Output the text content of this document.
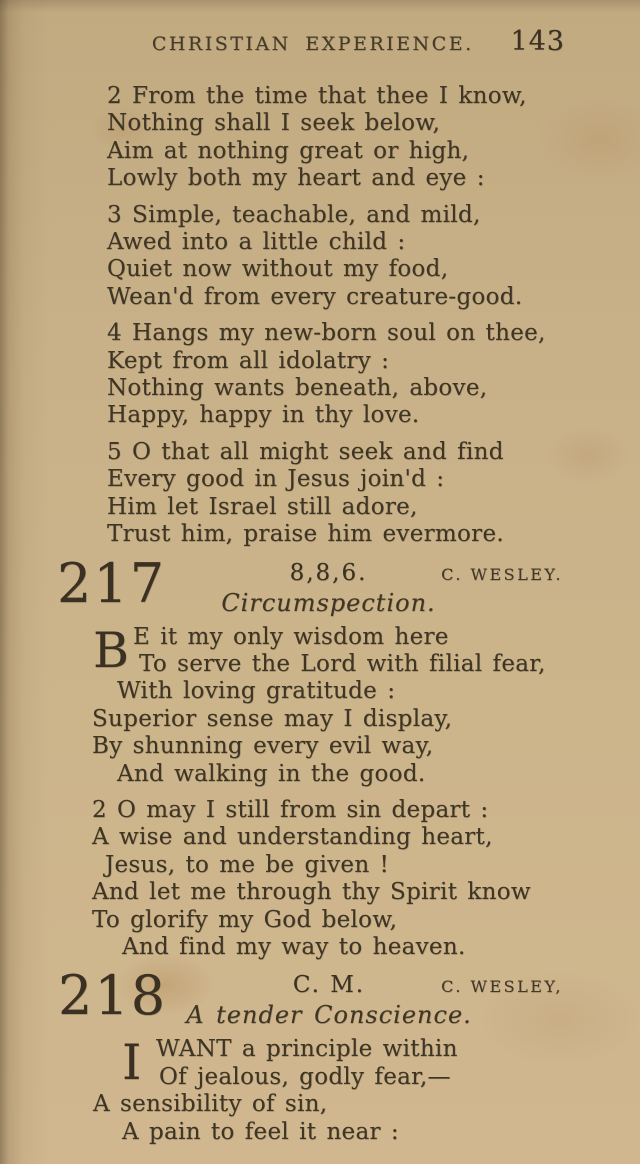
CHRISTIAN EXPERIENCE.	143
2 From the time that thee I know,
Nothing shall I seek below,
Aim at nothing great or high,
Lowly both my heart and eye :
3 Simple, teachable, and mild,
Awed into a little child :
Quiet now without my food,
Wean'd from every creature-good.
4 Hangs my new-born soul on thee,
Kept from all idolatry :
Nothing wants beneath, above,
Happy, happy in thy love.
5 O that all might seek and find
Every good in Jesus join'd :
Him let Israel still adore,
Trust him, praise him evermore.
217	8,8,6.	C. WESLEY.
Circumspection.
B E it my only wisdom here
To serve the Lord with filial fear,
With loving gratitude :
Superior sense may I display,
By shunning every evil way,
And walking in the good.
2 O may I still from sin depart :
A wise and understanding heart,
Jesus, to me be given !
And let me through thy Spirit know
To glorify my God below,
And find my way to heaven.
218	C. M.	C. WESLEY,
A tender Conscience.
I WANT a principle within
Of jealous, godly fear,—
A sensibility of sin,
A pain to feel it near :
